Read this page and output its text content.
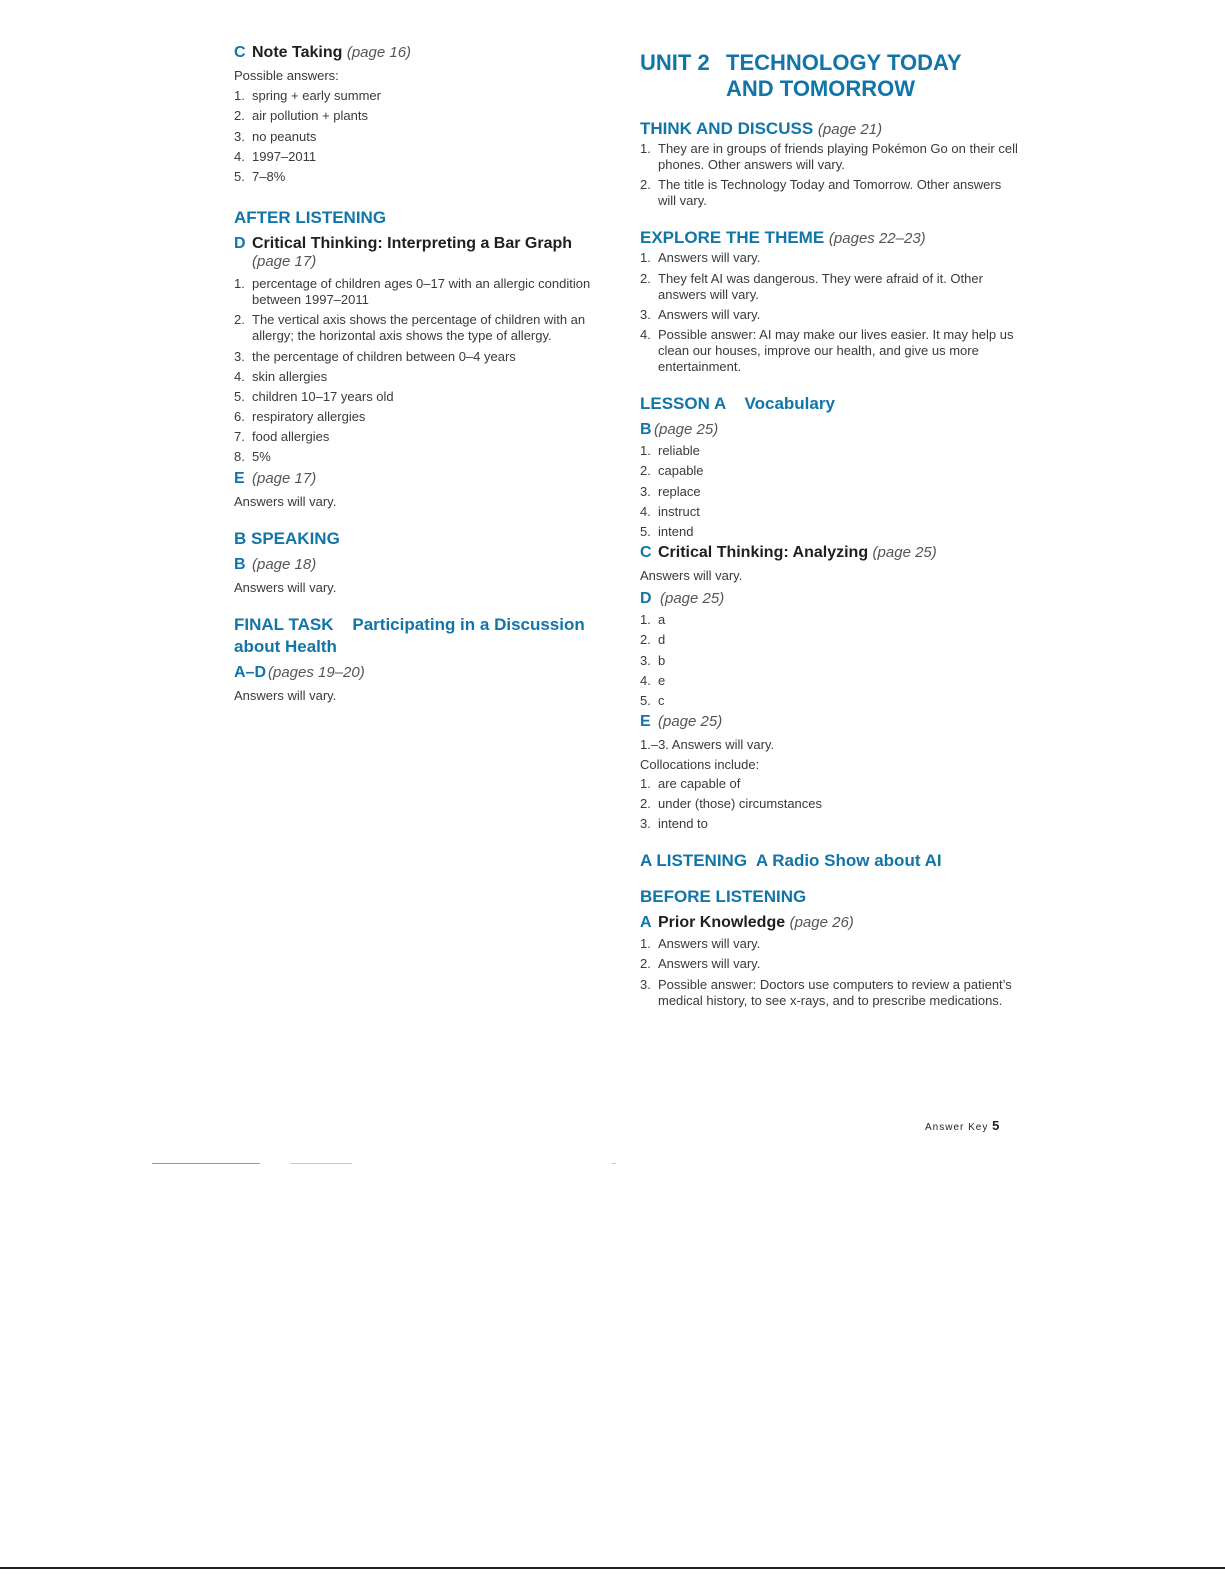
C Note Taking
(page 16)

Possible answers:

1. spring + early summer
2. air pollution + plants
3. no peanuts
4. 1997–2011
5. 7–8%

AFTER LISTENING

D Critical Thinking: Interpreting a Bar Graph
(page 17)
1. percentage of children ages 0–17 with an allergic condition between 1997–2011
2. The vertical axis shows the percentage of children with an allergy; the horizontal axis shows the type of allergy.
3. the percentage of children between 0–4 years
4. skin allergies
5. children 10–17 years old
6. respiratory allergies
7. food allergies
8. 5%
E (page 17)

Answers will vary.

B SPEAKING

B (page 18)

Answers will vary.

FINAL TASK    Participating in a Discussion

about Health

A–D (pages 19–20)

Answers will vary.

UNIT 2 TECHNOLOGY TODAY
AND TOMORROW

THINK AND DISCUSS (page 21)

1. They are in groups of friends playing Pokémon Go on their cell phones. Other answers will vary.
2. The title is Technology Today and Tomorrow. Other answers will vary.

EXPLORE THE THEME (pages 22–23)

1. Answers will vary.
2. They felt AI was dangerous. They were afraid of it. Other answers will vary.
3. Answers will vary.
4. Possible answer: AI may make our lives easier. It may help us clean our houses, improve our health, and give us more entertainment.

LESSON A    Vocabulary

B (page 25)
1. reliable
2. capable
3. replace
4. instruct
5. intend
C Critical Thinking: Analyzing
(page 25)

Answers will vary.

D (page 25)
1. a
2. d
3. b
4. e
5. c
E (page 25)

1.–3. Answers will vary.

Collocations include:

1. are capable of
2. under (those) circumstances
3. intend to

A LISTENING  A Radio Show about AI

BEFORE LISTENING

A Prior Knowledge
(page 26)
1. Answers will vary.
2. Answers will vary.
3. Possible answer: Doctors use computers to review a patient’s medical history, to see x-rays, and to prescribe medications.
Answer Key 5
